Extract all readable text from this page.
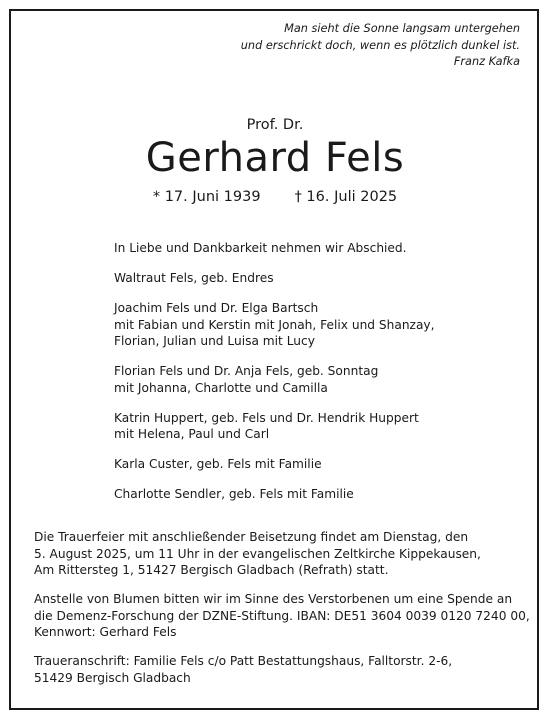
Man sieht die Sonne langsam untergehen
und erschrickt doch, wenn es plötzlich dunkel ist.
Franz Kafka
Prof. Dr.
Gerhard Fels
* 17. Juni 1939 † 16. Juli 2025
In Liebe und Dankbarkeit nehmen wir Abschied.
Waltraut Fels, geb. Endres
Joachim Fels und Dr. Elga Bartsch
mit Fabian und Kerstin mit Jonah, Felix und Shanzay,
Florian, Julian und Luisa mit Lucy
Florian Fels und Dr. Anja Fels, geb. Sonntag
mit Johanna, Charlotte und Camilla
Katrin Huppert, geb. Fels und Dr. Hendrik Huppert
mit Helena, Paul und Carl
Karla Custer, geb. Fels mit Familie
Charlotte Sendler, geb. Fels mit Familie
Die Trauerfeier mit anschließender Beisetzung findet am Dienstag, den
5. August 2025, um 11 Uhr in der evangelischen Zeltkirche Kippekausen,
Am Rittersteg 1, 51427 Bergisch Gladbach (Refrath) statt.
Anstelle von Blumen bitten wir im Sinne des Verstorbenen um eine Spende an
die Demenz-Forschung der DZNE-Stiftung. IBAN: DE51 3604 0039 0120 7240 00,
Kennwort: Gerhard Fels
Traueranschrift: Familie Fels c/o Patt Bestattungshaus, Falltorstr. 2-6,
51429 Bergisch Gladbach
